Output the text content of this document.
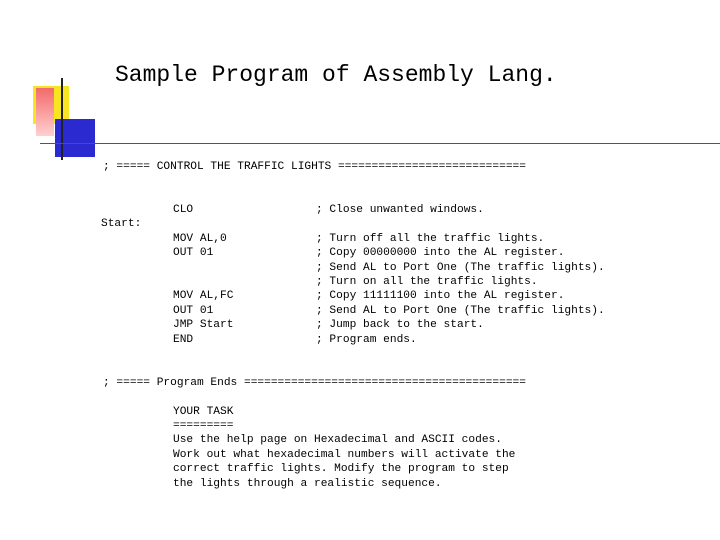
Sample Program of Assembly Lang.
; ===== CONTROL THE TRAFFIC LIGHTS ============================
CLO	; Close unwanted windows.
Start:
MOV AL,0	; Turn off all the traffic lights.
OUT 01	; Copy 00000000 into the AL register.
; Send AL to Port One (The traffic lights).
; Turn on all the traffic lights.
MOV AL,FC	; Copy 11111100 into the AL register.
OUT 01	; Send AL to Port One (The traffic lights).
JMP Start	; Jump back to the start.
END	; Program ends.
; ===== Program Ends ==========================================
YOUR TASK
=========
Use the help page on Hexadecimal and ASCII codes.
Work out what hexadecimal numbers will activate the
correct traffic lights. Modify the program to step
the lights through a realistic sequence.
